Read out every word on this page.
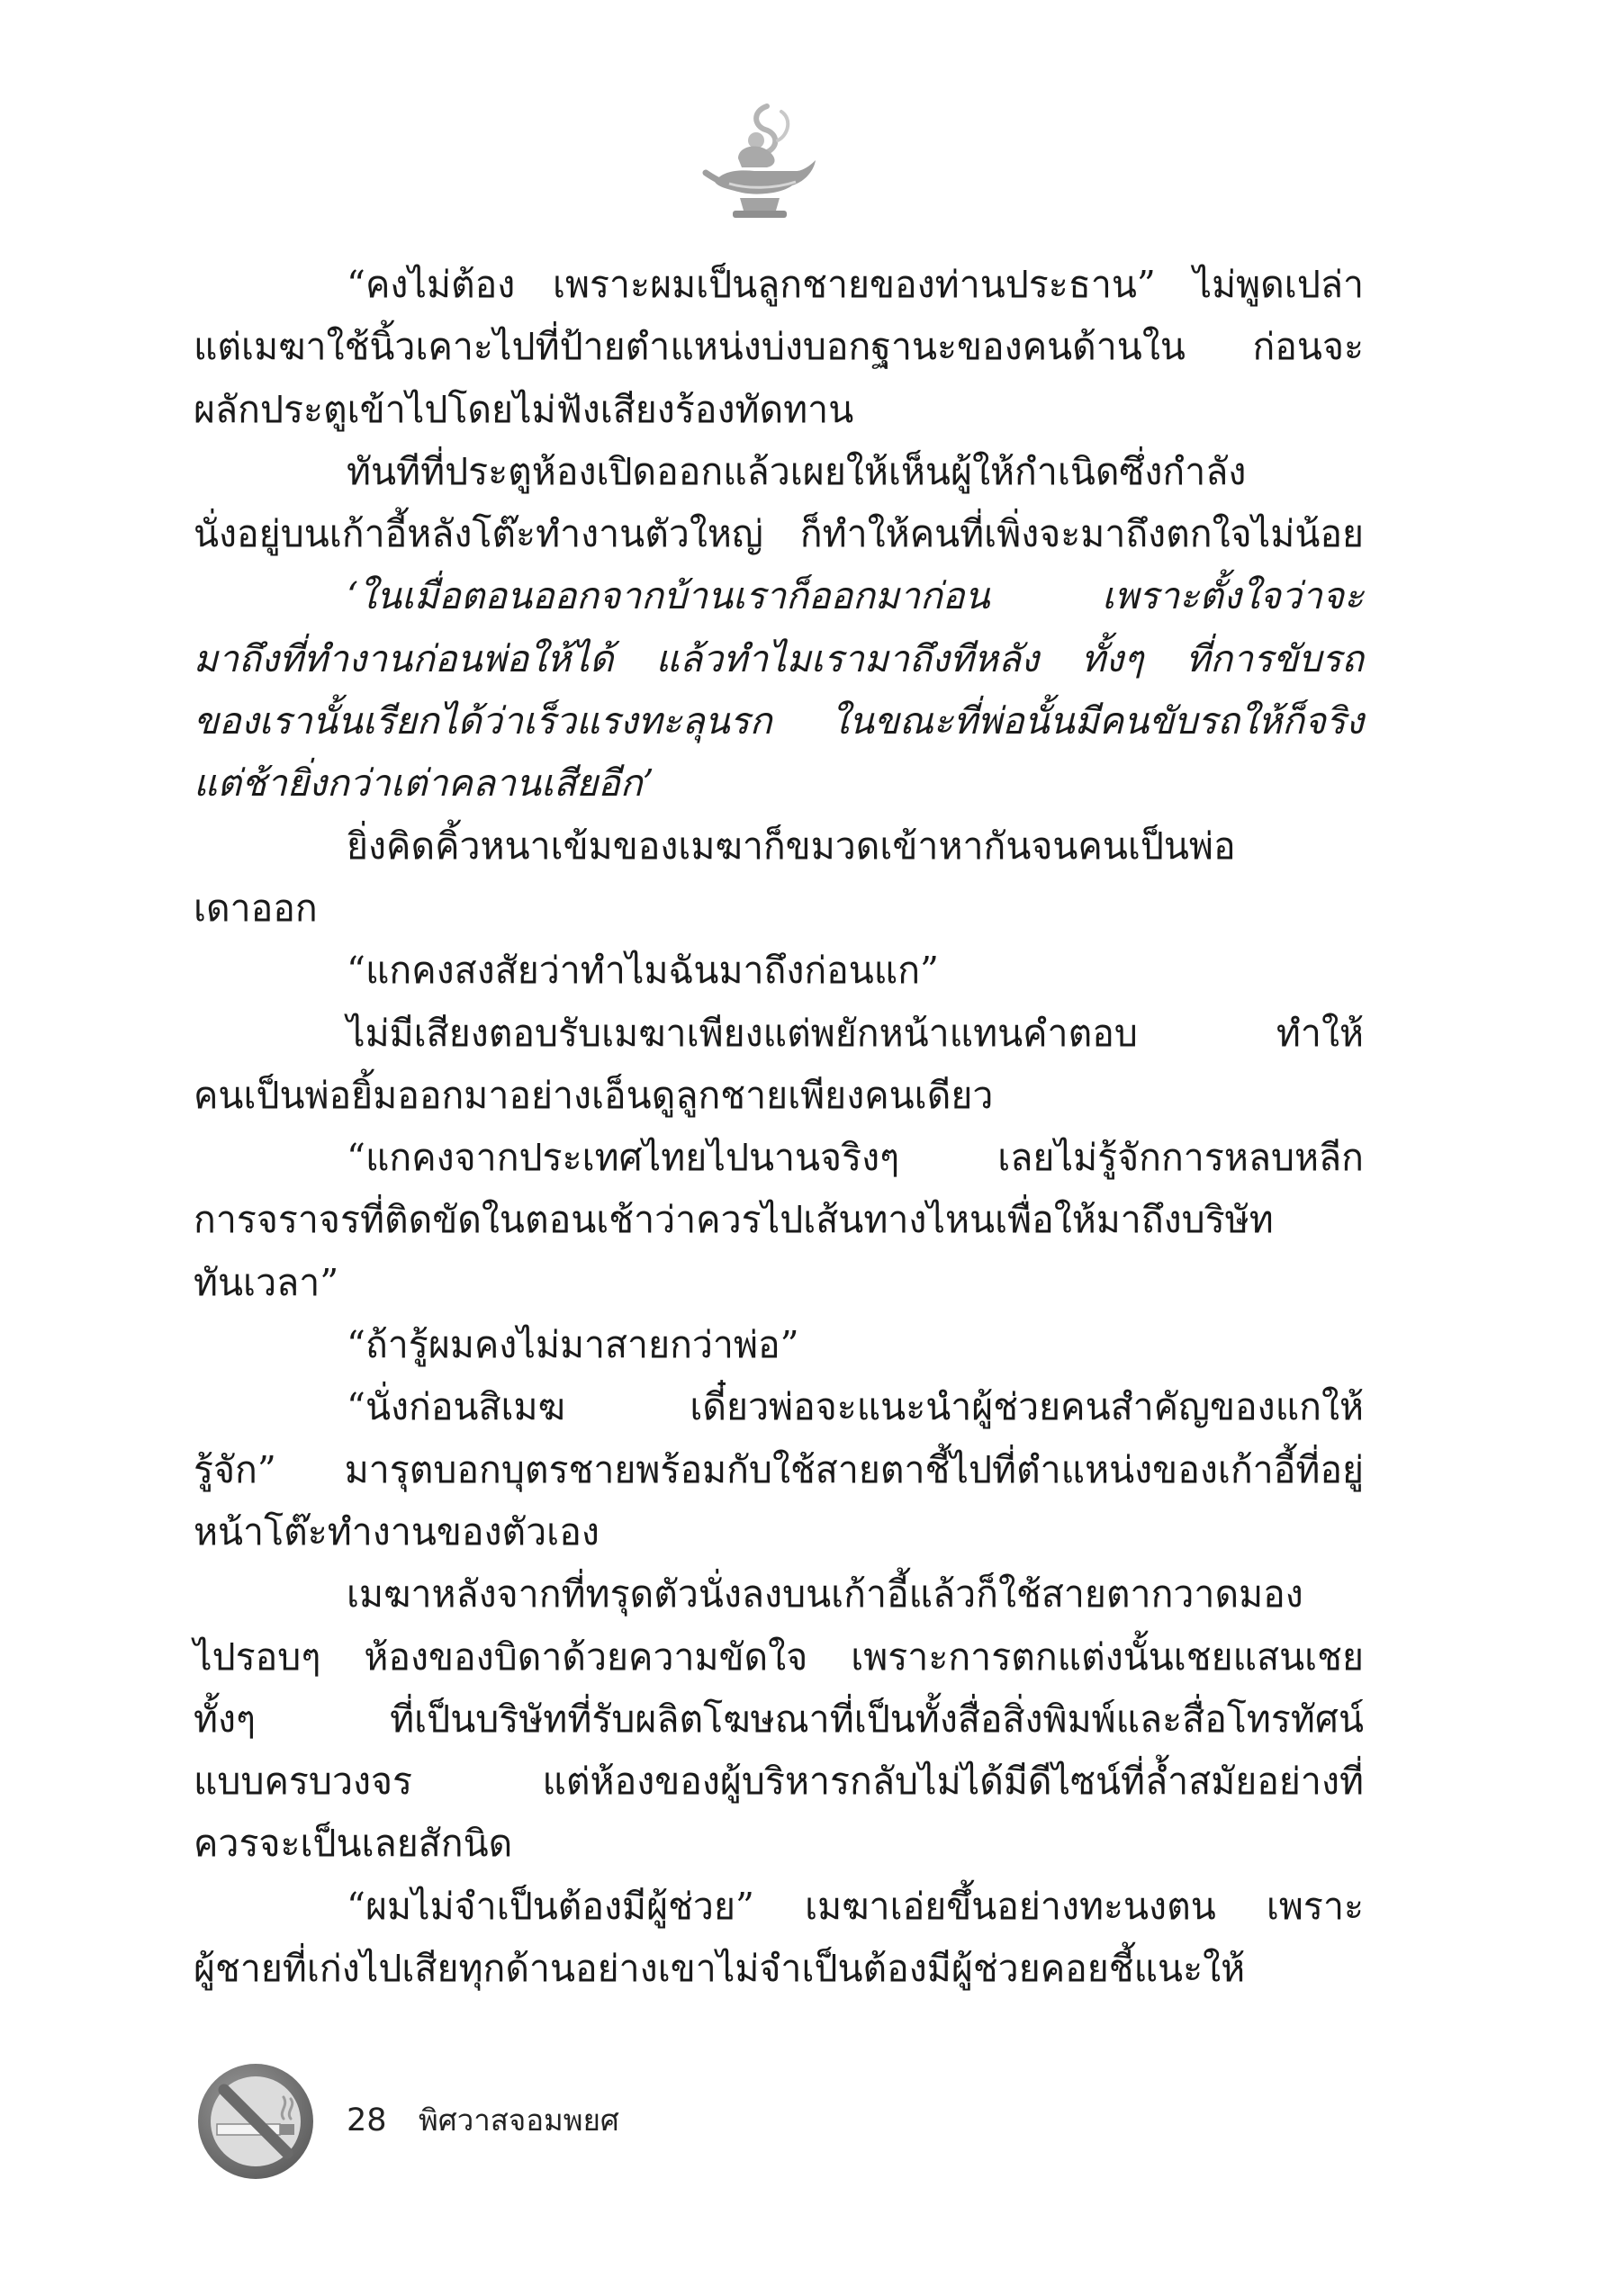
“คงไม่ต้อง เพราะผมเป็นลูกชายของท่านประธาน” ไม่พูดเปล่า
แต่เมฆาใช้นิ้วเคาะไปที่ป้ายตำแหน่งบ่งบอกฐานะของคนด้านใน ก่อนจะ
ผลักประตูเข้าไปโดยไม่ฟังเสียงร้องทัดทาน
ทันทีที่ประตูห้องเปิดออกแล้วเผยให้เห็นผู้ให้กำเนิดซึ่งกำลัง
นั่งอยู่บนเก้าอี้หลังโต๊ะทำงานตัวใหญ่ ก็ทำให้คนที่เพิ่งจะมาถึงตกใจไม่น้อย
‘ในเมื่อตอนออกจากบ้านเราก็ออกมาก่อน เพราะตั้งใจว่าจะ
มาถึงที่ทำงานก่อนพ่อให้ได้ แล้วทำไมเรามาถึงทีหลัง ทั้งๆ ที่การขับรถ
ของเรานั้นเรียกได้ว่าเร็วแรงทะลุนรก ในขณะที่พ่อนั้นมีคนขับรถให้ก็จริง
แต่ช้ายิ่งกว่าเต่าคลานเสียอีก’
ยิ่งคิดคิ้วหนาเข้มของเมฆาก็ขมวดเข้าหากันจนคนเป็นพ่อ
เดาออก
“แกคงสงสัยว่าทำไมฉันมาถึงก่อนแก”
ไม่มีเสียงตอบรับเมฆาเพียงแต่พยักหน้าแทนคำตอบ ทำให้
คนเป็นพ่อยิ้มออกมาอย่างเอ็นดูลูกชายเพียงคนเดียว
“แกคงจากประเทศไทยไปนานจริงๆ เลยไม่รู้จักการหลบหลีก
การจราจรที่ติดขัดในตอนเช้าว่าควรไปเส้นทางไหนเพื่อให้มาถึงบริษัท
ทันเวลา”
“ถ้ารู้ผมคงไม่มาสายกว่าพ่อ”
“นั่งก่อนสิเมฆ เดี๋ยวพ่อจะแนะนำผู้ช่วยคนสำคัญของแกให้
รู้จัก” มารุตบอกบุตรชายพร้อมกับใช้สายตาชี้ไปที่ตำแหน่งของเก้าอี้ที่อยู่
หน้าโต๊ะทำงานของตัวเอง
เมฆาหลังจากที่ทรุดตัวนั่งลงบนเก้าอี้แล้วก็ใช้สายตากวาดมอง
ไปรอบๆ ห้องของบิดาด้วยความขัดใจ เพราะการตกแต่งนั้นเชยแสนเชย
ทั้งๆ ที่เป็นบริษัทที่รับผลิตโฆษณาที่เป็นทั้งสื่อสิ่งพิมพ์และสื่อโทรทัศน์
แบบครบวงจร แต่ห้องของผู้บริหารกลับไม่ได้มีดีไซน์ที่ล้ำสมัยอย่างที่
ควรจะเป็นเลยสักนิด
“ผมไม่จำเป็นต้องมีผู้ช่วย” เมฆาเอ่ยขึ้นอย่างทะนงตน เพราะ
ผู้ชายที่เก่งไปเสียทุกด้านอย่างเขาไม่จำเป็นต้องมีผู้ช่วยคอยชี้แนะให้
28 พิศวาสจอมพยศ
